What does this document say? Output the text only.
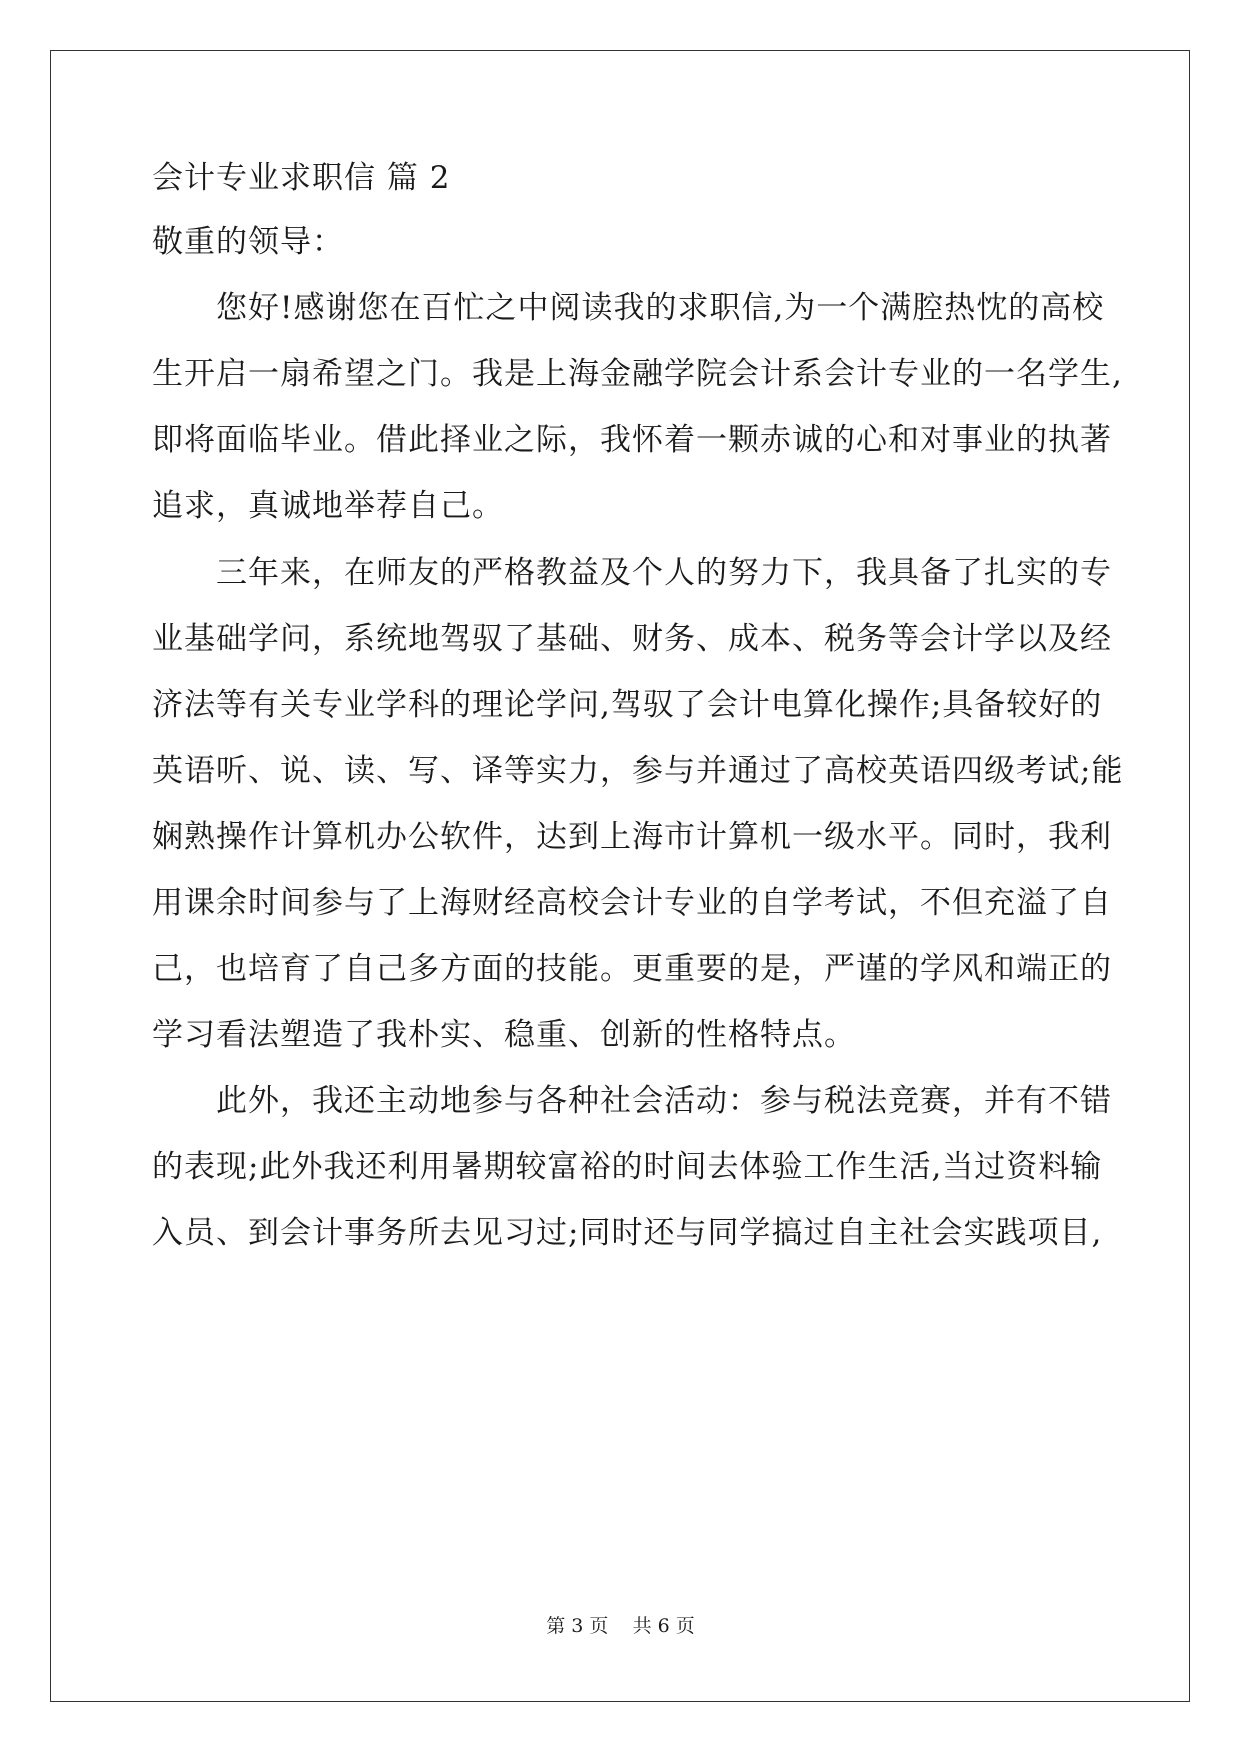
会计专业求职信 篇 2
敬重的领导：
　　您好!感谢您在百忙之中阅读我的求职信,为一个满腔热忱的高校
生开启一扇希望之门。我是上海金融学院会计系会计专业的一名学生,
即将面临毕业。借此择业之际，我怀着一颗赤诚的心和对事业的执著
追求，真诚地举荐自己。
　　三年来，在师友的严格教益及个人的努力下，我具备了扎实的专
业基础学问，系统地驾驭了基础、财务、成本、税务等会计学以及经
济法等有关专业学科的理论学问,驾驭了会计电算化操作;具备较好的
英语听、说、读、写、译等实力，参与并通过了高校英语四级考试;能
娴熟操作计算机办公软件，达到上海市计算机一级水平。同时，我利
用课余时间参与了上海财经高校会计专业的自学考试，不但充溢了自
己，也培育了自己多方面的技能。更重要的是，严谨的学风和端正的
学习看法塑造了我朴实、稳重、创新的性格特点。
　　此外，我还主动地参与各种社会活动：参与税法竞赛，并有不错
的表现;此外我还利用暑期较富裕的时间去体验工作生活,当过资料输
入员、到会计事务所去见习过;同时还与同学搞过自主社会实践项目,
第 3 页    共 6 页
